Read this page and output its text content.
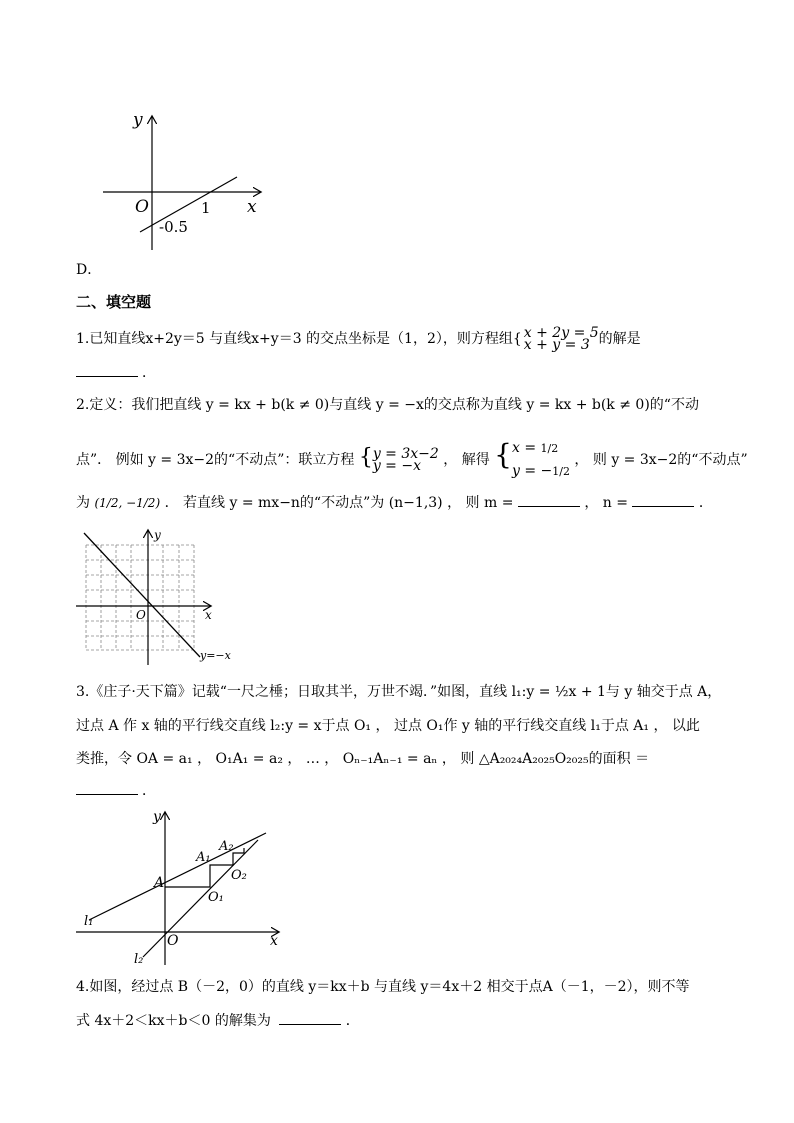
y
x
O	1
-0.5
D．
二、填空题
1.已知直线x+2y＝5 与直线x+y＝3 的交点坐标是（1，2），则方程组{ x + 2y = 5
x + y = 3 的解是
．
2.定义：我们把直线 y = kx + b(k ≠ 0)与直线 y = −x的交点称为直线 y = kx + b(k ≠ 0)的“不动
点”． 例如 y = 3x−2的“不动点”：联立方程 { y = 3x−2
y = −x	， 解得 { x = 1/2
y = −1/2
， 则 y = 3x−2的“不动点”
为 (1/2, −1/2) ． 若直线 y = mx−n的“不动点”为 (n−1,3) ， 则 m =	， n =	．
y
x
O
y=−x
3.《庄子·天下篇》记载“一尺之棰；日取其半，万世不竭．”如图，直线 l₁:y = ½x + 1与 y 轴交于点 A，
过点 A 作 x 轴的平行线交直线 l₂:y = x于点 O₁ ， 过点 O₁作 y 轴的平行线交直线 l₁于点 A₁ ， 以此
类推，令 OA = a₁ ， O₁A₁ = a₂ ， … ， Oₙ₋₁Aₙ₋₁ = aₙ ， 则 △A₂₀₂₄A₂₀₂₅O₂₀₂₅的面积 ＝
．
y
x
O
A
A₁
A₂
O₁
O₂
l₁
l₂
4.如图，经过点 B（－2，0）的直线 y＝kx＋b 与直线 y＝4x＋2 相交于点A（－1，－2），则不等
式 4x＋2＜kx＋b＜0 的解集为	．
